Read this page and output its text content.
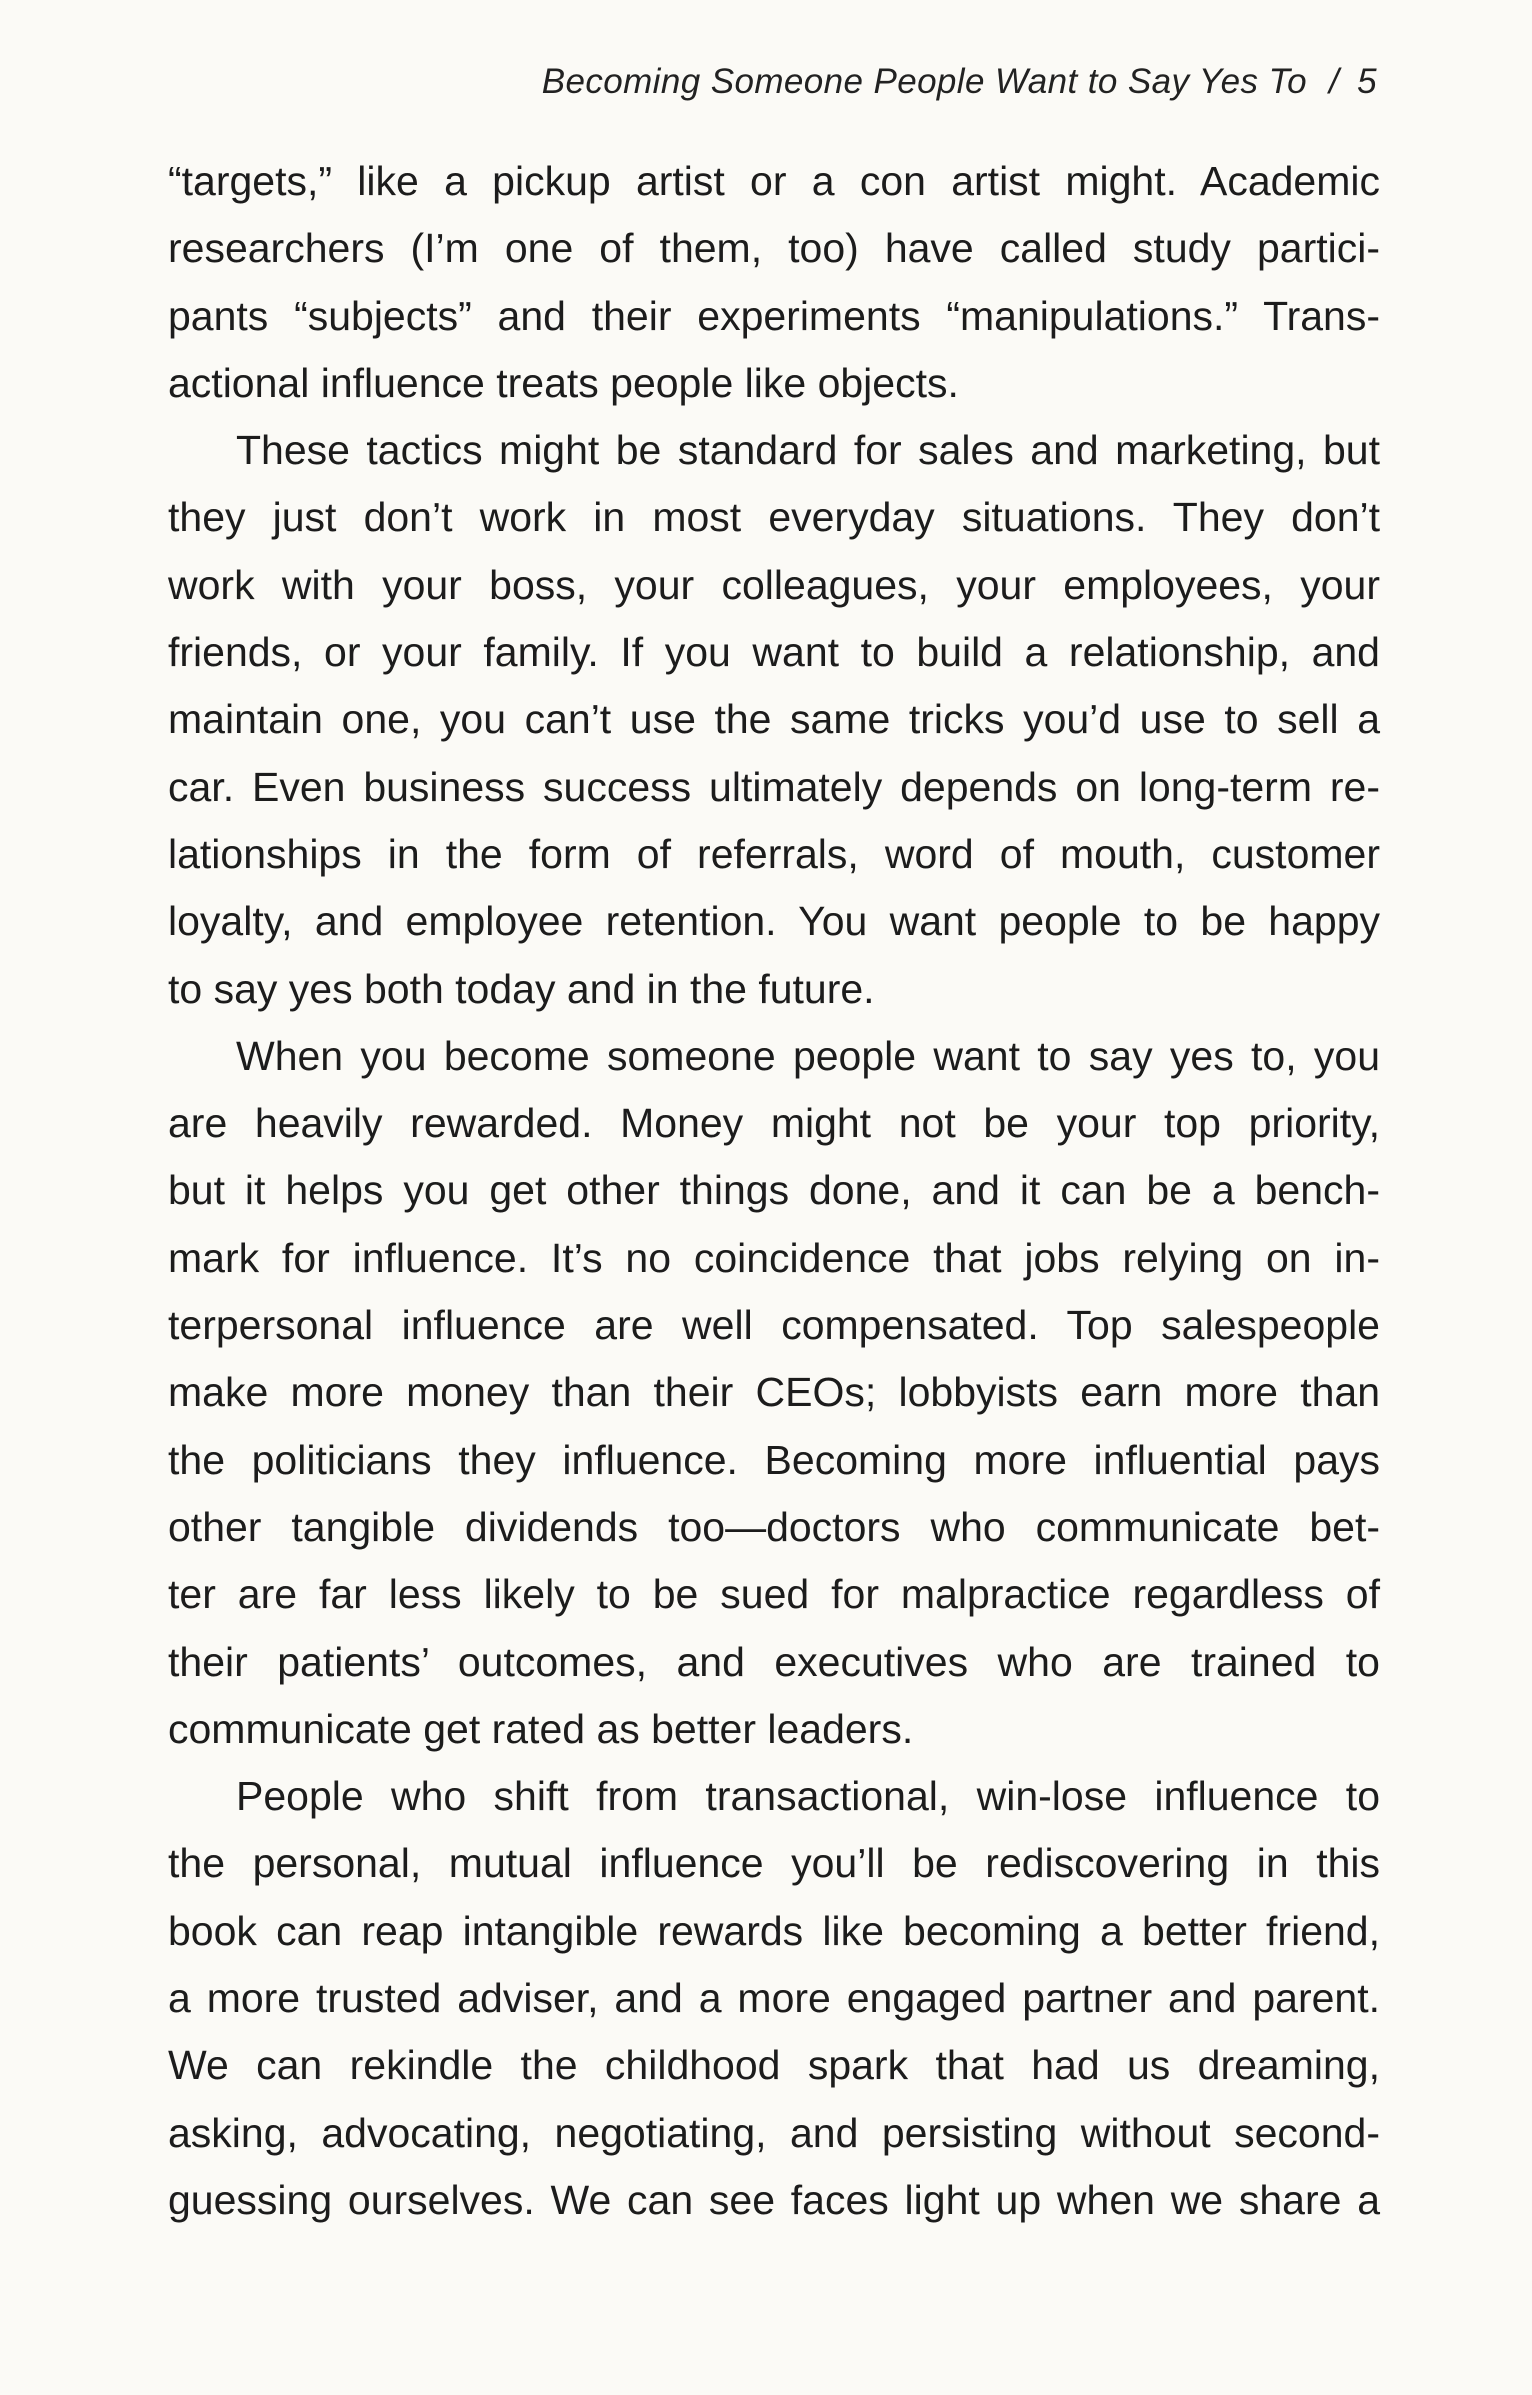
Becoming Someone People Want to Say Yes To / 5
“targets,” like a pickup artist or a con artist might. Academic
researchers (I’m one of them, too) have called study partici-
pants “subjects” and their experiments “manipulations.” Trans-
actional influence treats people like objects.
These tactics might be standard for sales and marketing, but
they just don’t work in most everyday situations. They don’t
work with your boss, your colleagues, your employees, your
friends, or your family. If you want to build a relationship, and
maintain one, you can’t use the same tricks you’d use to sell a
car. Even business success ultimately depends on long-term re-
lationships in the form of referrals, word of mouth, customer
loyalty, and employee retention. You want people to be happy
to say yes both today and in the future.
When you become someone people want to say yes to, you
are heavily rewarded. Money might not be your top priority,
but it helps you get other things done, and it can be a bench-
mark for influence. It’s no coincidence that jobs relying on in-
terpersonal influence are well compensated. Top salespeople
make more money than their CEOs; lobbyists earn more than
the politicians they influence. Becoming more influential pays
other tangible dividends too—doctors who communicate bet-
ter are far less likely to be sued for malpractice regardless of
their patients’ outcomes, and executives who are trained to
communicate get rated as better leaders.
People who shift from transactional, win-lose influence to
the personal, mutual influence you’ll be rediscovering in this
book can reap intangible rewards like becoming a better friend,
a more trusted adviser, and a more engaged partner and parent.
We can rekindle the childhood spark that had us dreaming,
asking, advocating, negotiating, and persisting without second-
guessing ourselves. We can see faces light up when we share a
